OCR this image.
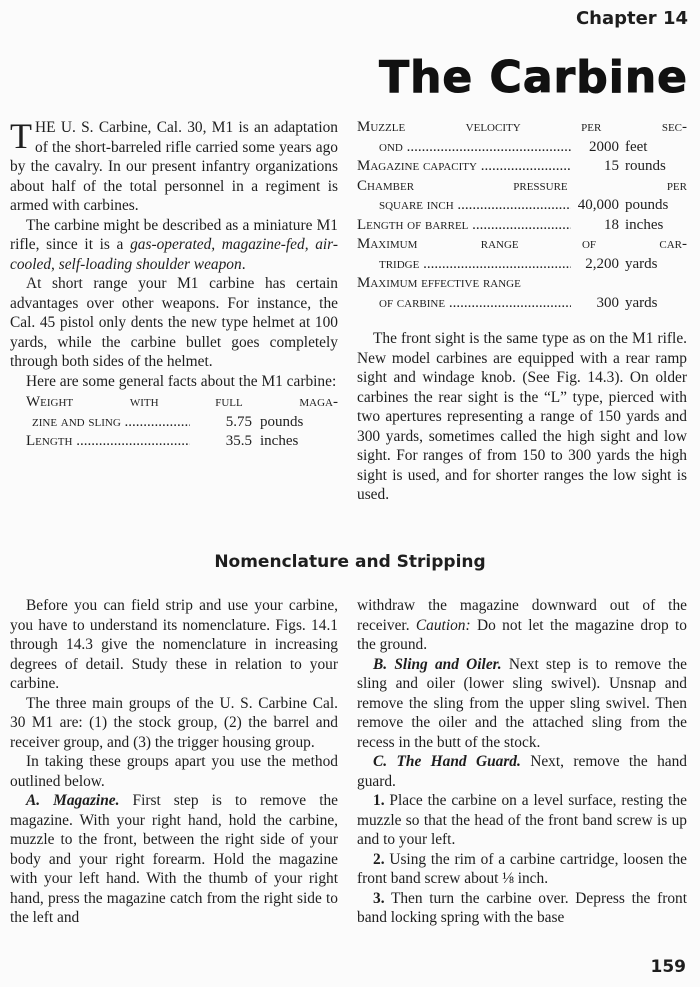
Chapter 14
The Carbine

THE U. S. Carbine, Cal. 30, M1 is an adaptation of the short-barreled rifle carried some years ago by the cavalry. In our present infantry organizations about half of the total personnel in a regiment is armed with carbines.

The carbine might be described as a miniature M1 rifle, since it is a gas-operated, magazine-fed, air-cooled, self-loading shoulder weapon.

At short range your M1 carbine has certain advantages over other weapons. For instance, the Cal. 45 pistol only dents the new type helmet at 100 yards, while the carbine bullet goes completely through both sides of the helmet.

Here are some general facts about the M1 carbine:

Weight with full maga-
zine and sling .....	5.75 pounds
Length .....	35.5 inches
Muzzle velocity per sec-
ond .....	2000 feet
Magazine capacity .....	15 rounds
Chamber pressure per
square inch .....	40,000 pounds
Length of barrel .....	18 inches
Maximum range of car-
tridge .....	2,200 yards
Maximum effective range
of carbine .....	300 yards

The front sight is the same type as on the M1 rifle. New model carbines are equipped with a rear ramp sight and windage knob. (See Fig. 14.3). On older carbines the rear sight is the “L” type, pierced with two apertures representing a range of 150 yards and 300 yards, sometimes called the high sight and low sight. For ranges of from 150 to 300 yards the high sight is used, and for shorter ranges the low sight is used.

Nomenclature and Stripping

Before you can field strip and use your carbine, you have to understand its nomenclature. Figs. 14.1 through 14.3 give the nomenclature in increasing degrees of detail. Study these in relation to your carbine.

The three main groups of the U. S. Carbine Cal. 30 M1 are: (1) the stock group, (2) the barrel and receiver group, and (3) the trigger housing group.

In taking these groups apart you use the method outlined below.

A. Magazine. First step is to remove the magazine. With your right hand, hold the carbine, muzzle to the front, between the right side of your body and your right forearm. Hold the magazine with your left hand. With the thumb of your right hand, press the magazine catch from the right side to the left and

withdraw the magazine downward out of the receiver. Caution: Do not let the magazine drop to the ground.

B. Sling and Oiler. Next step is to remove the sling and oiler (lower sling swivel). Unsnap and remove the sling from the upper sling swivel. Then remove the oiler and the attached sling from the recess in the butt of the stock.

C. The Hand Guard. Next, remove the hand guard.

1. Place the carbine on a level surface, resting the muzzle so that the head of the front band screw is up and to your left.

2. Using the rim of a carbine cartridge, loosen the front band screw about ⅛ inch.

3. Then turn the carbine over. Depress the front band locking spring with the base

159
